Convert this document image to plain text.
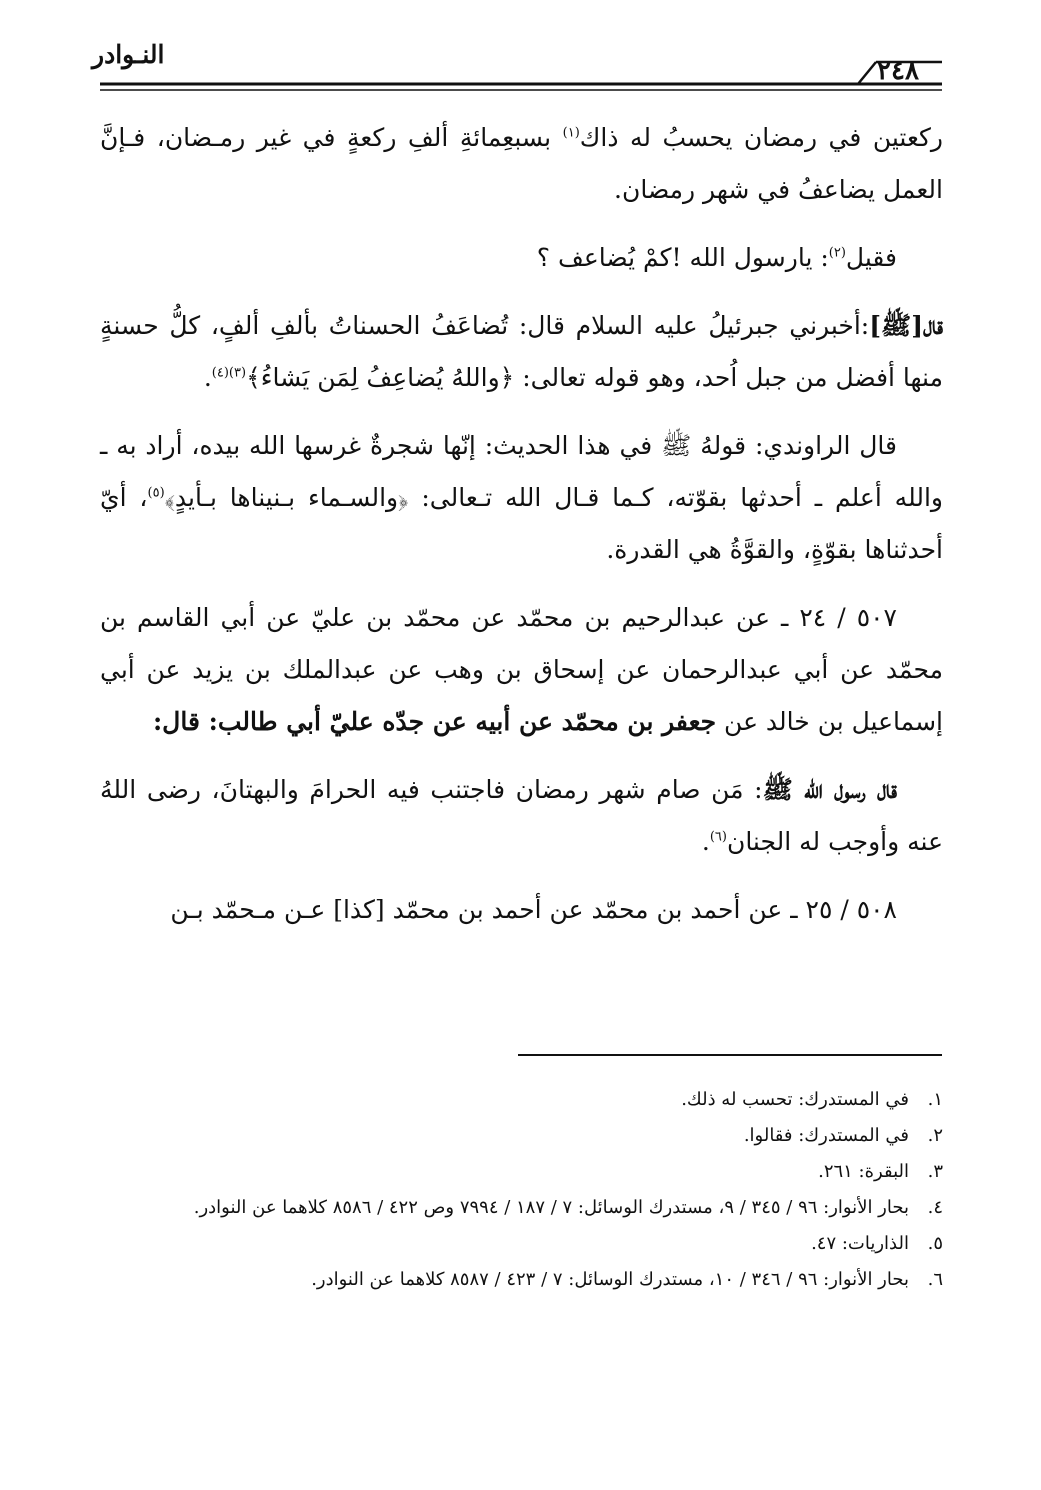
النـوادر
٢٤٨

ركعتين في رمضان يحسبُ له ذاك$^{(١)}$ بسبعِمائةِ ألفِ ركعةٍ في غير رمـضان، فـإنَّ العمل يضاعفُ في شهر رمضان.

فقيل$^{(٢)}$: يارسول الله !كمْ يُضاعف ؟

قال[ﷺ]:أخبرني جبرئيلُ عليه السلام قال: تُضاعَفُ الحسناتُ بألفِ ألفٍ، كلُّ حسنةٍ منها أفضل من جبل اُحد، وهو قوله تعالى: ﴿واللهُ يُضاعِفُ لِمَن يَشاءُ﴾$^{(٣)(٤)}$.

قال الراوندي: قولهُ ﷺ في هذا الحديث: إنّها شجرةٌ غرسها الله بيده، أراد به ـ والله أعلم ـ أحدثها بقوّته، كـما قـال الله تـعالى: ﴿والسـماء بـنيناها بـأيدٍ﴾$^{(٥)}$، أيّ أحدثناها بقوّةٍ، والقوَّةُ هي القدرة.

٥٠٧ / ٢٤ ـ عن عبدالرحيم بن محمّد عن محمّد بن عليّ عن أبي القاسم بن محمّد عن أبي عبدالرحمان عن إسحاق بن وهب عن عبدالملك بن يزيد عن أبي إسماعيل بن خالد عن جعفر بن محمّد عن أبيه عن جدّه عليّ أبي طالب: قال:

قال رسول الله ﷺ: مَن صام شهر رمضان فاجتنب فيه الحرامَ والبهتانَ، رضى اللهُ عنه وأوجب له الجنان$^{(٦)}$.

٥٠٨ / ٢٥ ـ عن أحمد بن محمّد عن أحمد بن محمّد [كذا] عـن مـحمّد بـن

١.
في المستدرك: تحسب له ذلك.
٢.
في المستدرك: فقالوا.
٣.
البقرة: ٢٦١.
٤.
بحار الأنوار: ٩٦ / ٣٤٥ / ٩، مستدرك الوسائل: ٧ / ١٨٧ / ٧٩٩٤ وص ٤٢٢ / ٨٥٨٦ كلاهما عن النوادر.
٥.
الذاريات: ٤٧.
٦.
بحار الأنوار: ٩٦ / ٣٤٦ / ١٠، مستدرك الوسائل: ٧ / ٤٢٣ / ٨٥٨٧ كلاهما عن النوادر.
